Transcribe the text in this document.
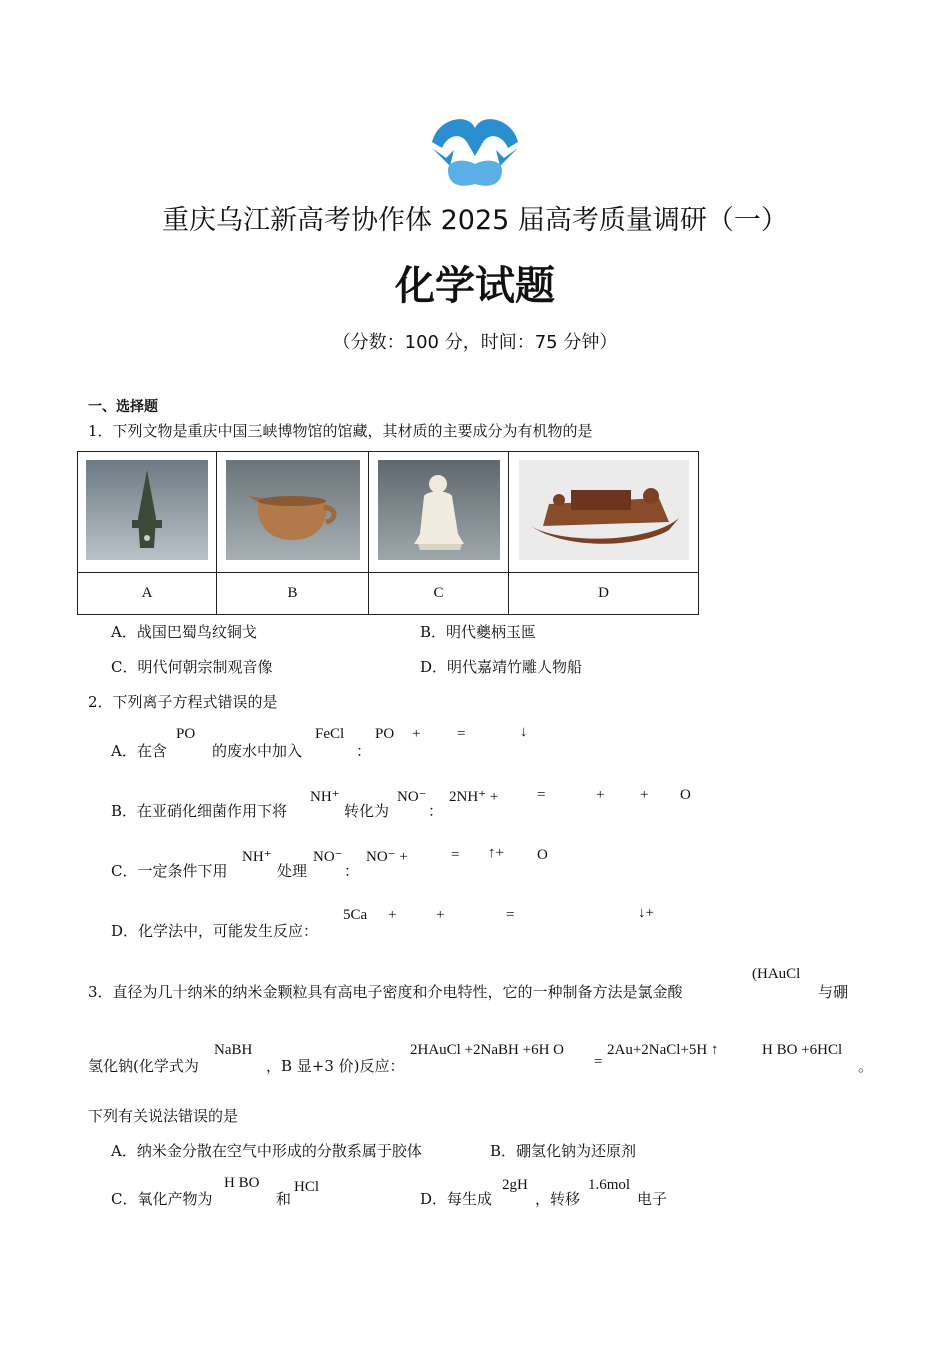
重庆乌江新高考协作体 2025 届高考质量调研（一）
化学试题
（分数：100 分，时间：75 分钟）
一、选择题
1．下列文物是重庆中国三峡博物馆的馆藏，其材质的主要成分为有机物的是

A	B	C	D
A．战国巴蜀鸟纹铜戈	B．明代夔柄玉匜
C．明代何朝宗制观音像	D．明代嘉靖竹雕人物船
2．下列离子方程式错误的是
A．在含
PO
的废水中加入
FeCl
：
PO + =	↓
B．在亚硝化细菌作用下将
NH⁺
转化为
NO⁻
：
2NH⁺ +	=	+ + O
C．一定条件下用
NH⁺
处理
NO⁻
：
NO⁻ +	= ↑+ O
D．化学法中，可能发生反应：
5Ca +	+	=	↓+
3．直径为几十纳米的纳米金颗粒具有高电子密度和介电特性，它的一种制备方法是氯金酸
(HAuCl
与硼
氢化钠(化学式为
NaBH
，B 显+3 价)反应：
2HAuCl +2NaBH +6H O
=
2Au+2NaCl+5H ↑	H BO +6HCl
。
下列有关说法错误的是
A．纳米金分散在空气中形成的分散系属于胶体	B．硼氢化钠为还原剂
C．氧化产物为
H BO
和
HCl
D．每生成
2gH
，转移
1.6mol
电子
